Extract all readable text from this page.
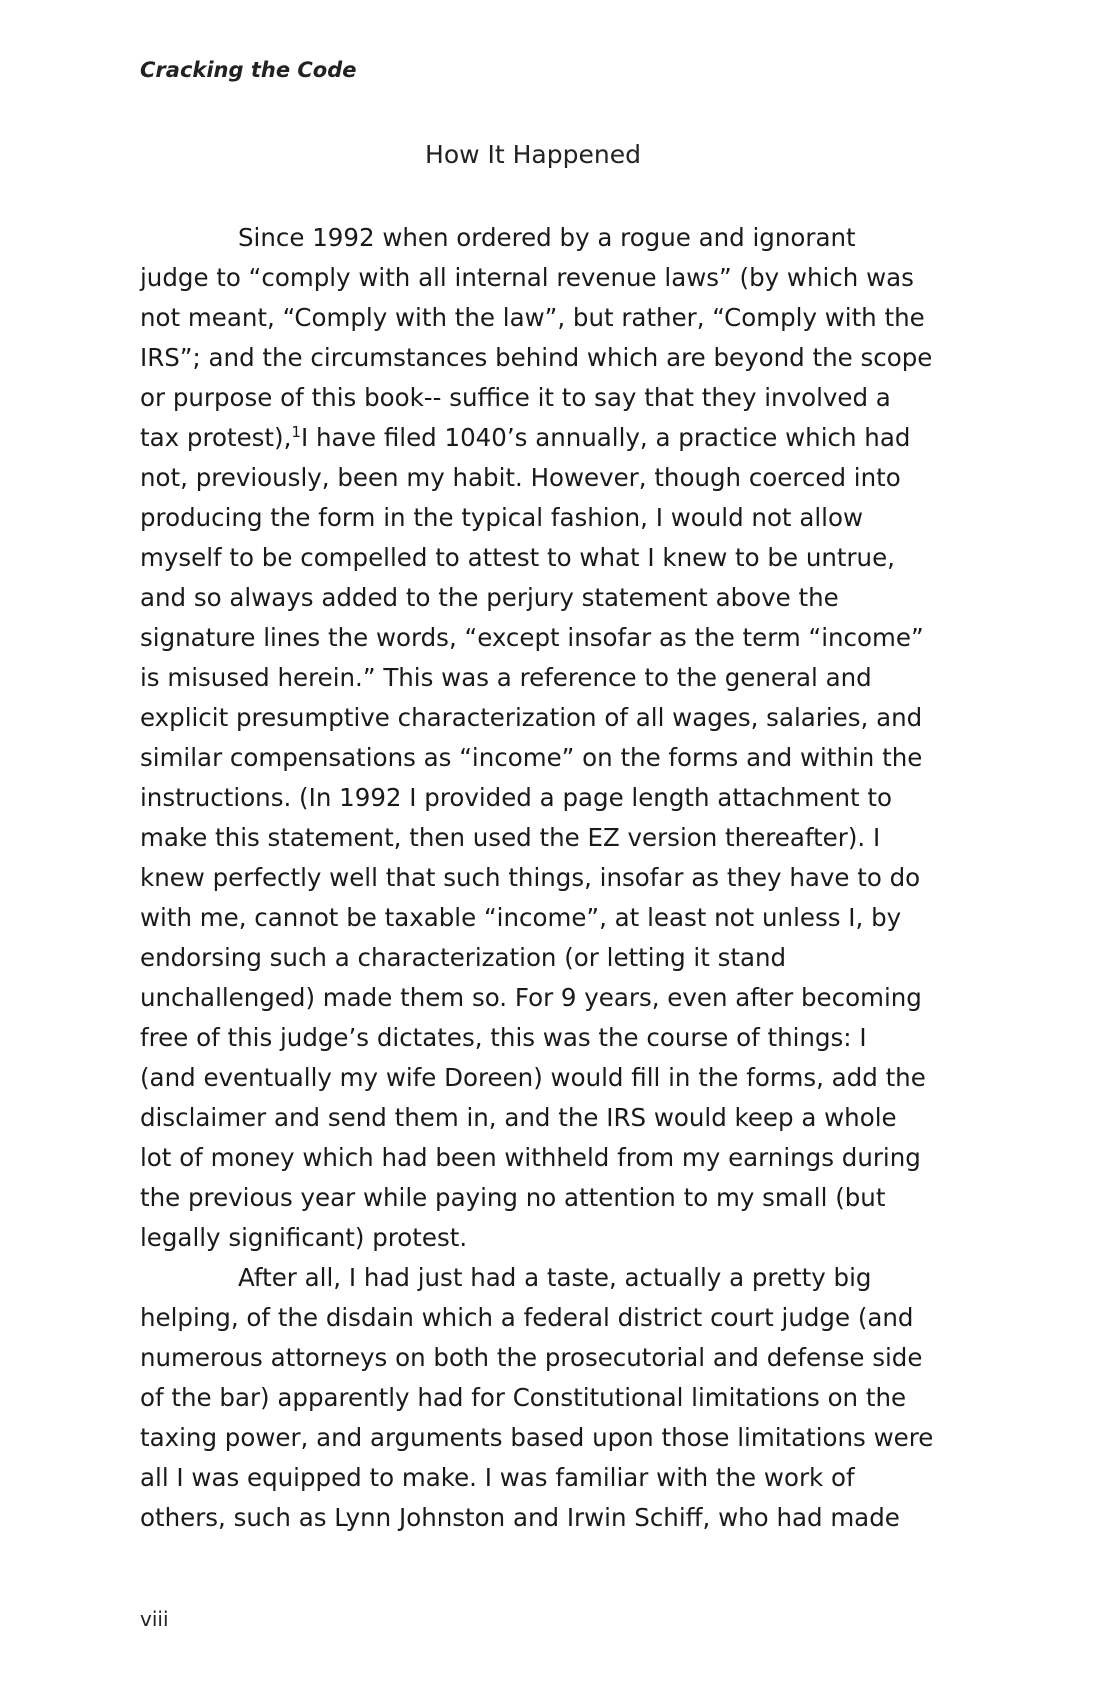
Cracking the Code
How It Happened
Since 1992 when ordered by a rogue and ignorant
judge to “comply with all internal revenue laws” (by which was
not meant, “Comply with the law”, but rather, “Comply with the
IRS”; and the circumstances behind which are beyond the scope
or purpose of this book-- suffice it to say that they involved a
tax protest),$^1$I have filed 1040’s annually, a practice which had
not, previously, been my habit. However, though coerced into
producing the form in the typical fashion, I would not allow
myself to be compelled to attest to what I knew to be untrue,
and so always added to the perjury statement above the
signature lines the words, “except insofar as the term “income”
is misused herein.” This was a reference to the general and
explicit presumptive characterization of all wages, salaries, and
similar compensations as “income” on the forms and within the
instructions. (In 1992 I provided a page length attachment to
make this statement, then used the EZ version thereafter). I
knew perfectly well that such things, insofar as they have to do
with me, cannot be taxable “income”, at least not unless I, by
endorsing such a characterization (or letting it stand
unchallenged) made them so. For 9 years, even after becoming
free of this judge’s dictates, this was the course of things: I
(and eventually my wife Doreen) would fill in the forms, add the
disclaimer and send them in, and the IRS would keep a whole
lot of money which had been withheld from my earnings during
the previous year while paying no attention to my small (but
legally significant) protest.
After all, I had just had a taste, actually a pretty big
helping, of the disdain which a federal district court judge (and
numerous attorneys on both the prosecutorial and defense side
of the bar) apparently had for Constitutional limitations on the
taxing power, and arguments based upon those limitations were
all I was equipped to make. I was familiar with the work of
others, such as Lynn Johnston and Irwin Schiff, who had made
viii
